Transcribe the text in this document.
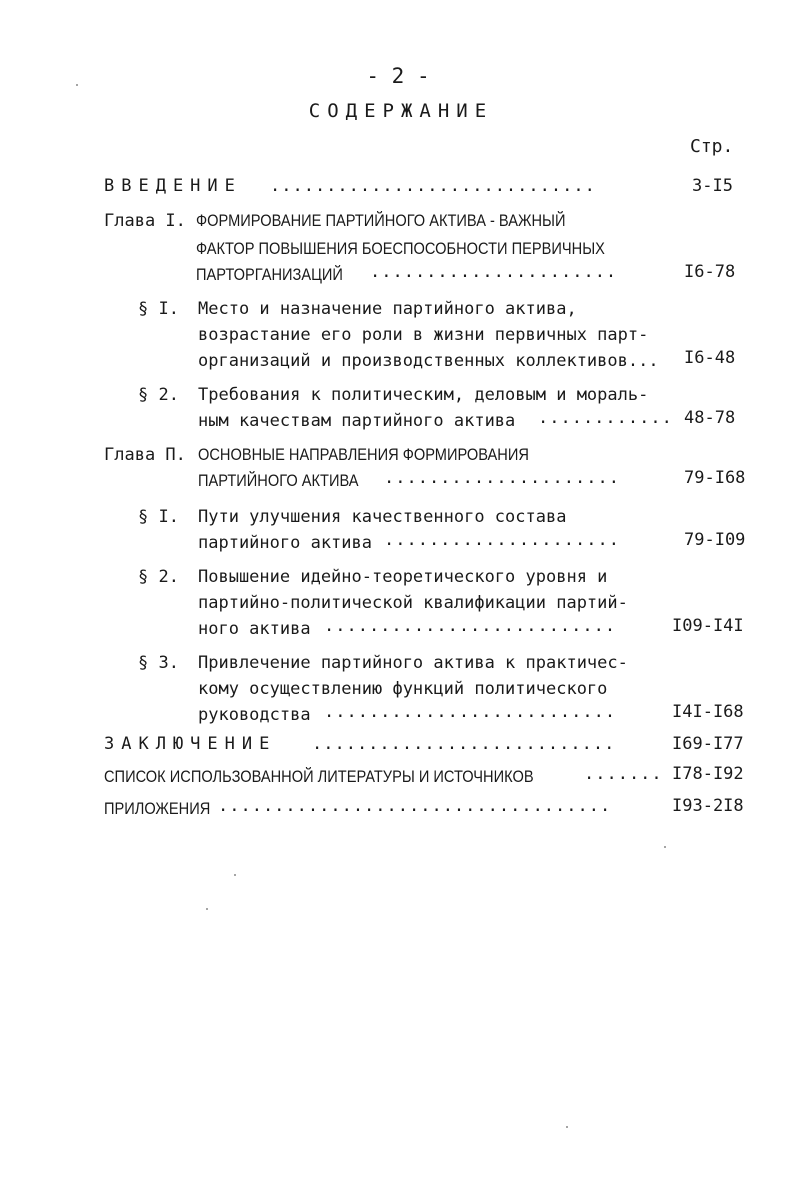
- 2 -
СОДЕРЖАНИЕ
Стр.
ВВЕДЕНИЕ .............................	3-I5
Глава I. ФОРМИРОВАНИЕ ПАРТИЙНОГО АКТИВА - ВАЖНЫЙ
ФАКТОР ПОВЫШЕНИЯ БОЕСПОСОБНОСТИ ПЕРВИЧНЫХ
ПАРТОРГАНИЗАЦИЙ ......................	I6-78
§ I. Место и назначение партийного актива,
возрастание его роли в жизни первичных парт-
организаций и производственных коллективов... I6-48
§ 2. Требования к политическим, деловым и мораль-
ным качествам партийного актива ............ 48-78
Глава П. ОСНОВНЫЕ НАПРАВЛЕНИЯ ФОРМИРОВАНИЯ
ПАРТИЙНОГО АКТИВА .....................	79-I68
§ I. Пути улучшения качественного состава
партийного актива .....................	79-I09
§ 2. Повышение идейно-теоретического уровня и
партийно-политической квалификации партий-
ного актива ..........................	I09-I4I
§ 3. Привлечение партийного актива к практичес-
кому осуществлению функций политического
руководства ..........................	I4I-I68
ЗАКЛЮЧЕНИЕ ...........................	I69-I77
СПИСОК ИСПОЛЬЗОВАННОЙ ЛИТЕРАТУРЫ И ИСТОЧНИКОВ	....... I78-I92
ПРИЛОЖЕНИЯ ...................................	I93-2I8
